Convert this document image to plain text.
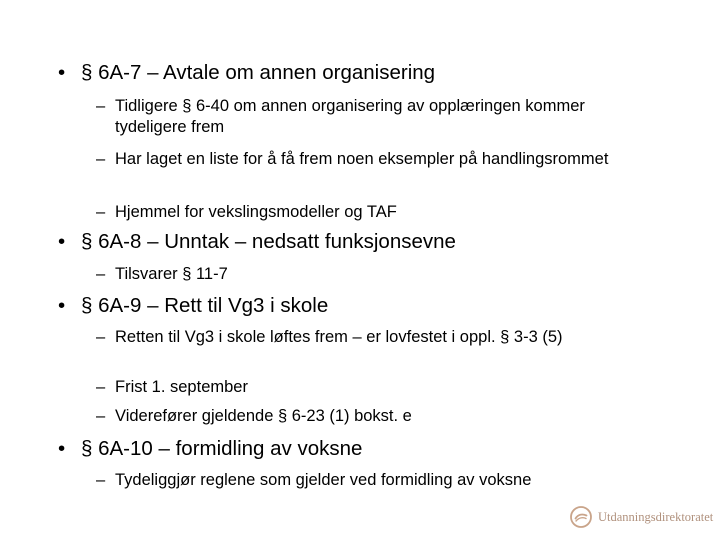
• § 6A-7 – Avtale om annen organisering
– Tidligere § 6-40 om annen organisering av opplæringen kommer tydeligere frem
– Har laget en liste for å få frem noen eksempler på handlingsrommet
– Hjemmel for vekslingsmodeller og TAF
• § 6A-8 – Unntak – nedsatt funksjonsevne
– Tilsvarer § 11-7
• § 6A-9 – Rett til Vg3 i skole
– Retten til Vg3 i skole løftes frem – er lovfestet i oppl. § 3-3 (5)
– Frist 1. september
– Viderefører gjeldende § 6-23 (1) bokst. e
• § 6A-10 – formidling av voksne
– Tydeliggjør reglene som gjelder ved formidling av voksne
Utdanningsdirektoratet
